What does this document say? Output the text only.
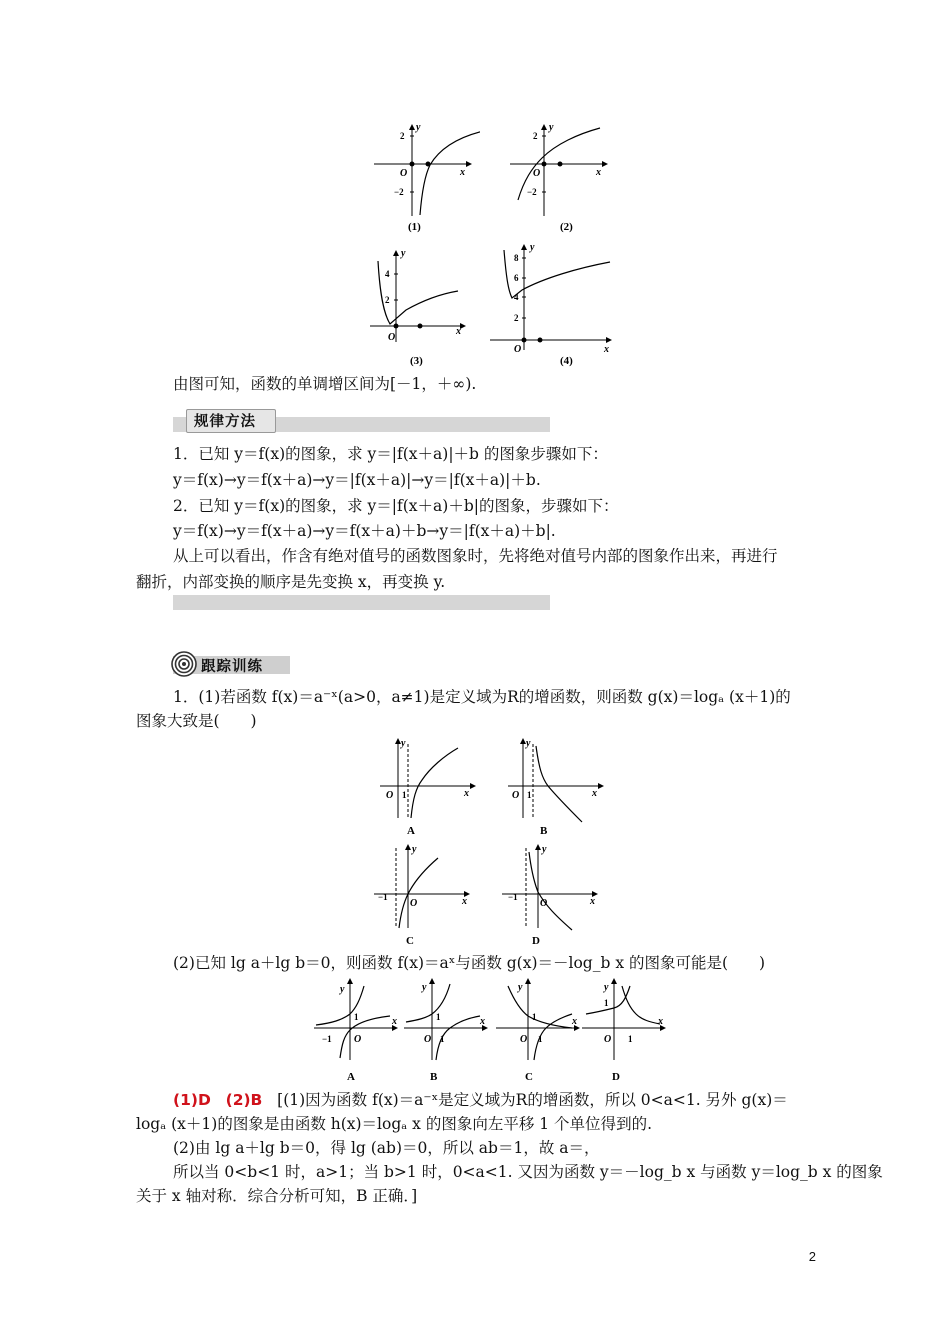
y
x
O
2
−2
(1)
y
x
O
2
−2
(2)
y
x
O
4
2
(3)
y
x
O
8
6
4
2
(4)
由图可知，函数的单调增区间为[－1，＋∞).
规律方法
1．已知 y＝f(x)的图象，求 y＝|f(x＋a)|＋b 的图象步骤如下：
y＝f(x)→y＝f(x＋a)→y＝|f(x＋a)|→y＝|f(x＋a)|＋b.
2．已知 y＝f(x)的图象，求 y＝|f(x＋a)＋b|的图象，步骤如下：
y＝f(x)→y＝f(x＋a)→y＝f(x＋a)＋b→y＝|f(x＋a)＋b|.
从上可以看出，作含有绝对值号的函数图象时，先将绝对值号内部的图象作出来，再进行
翻折，内部变换的顺序是先变换 x，再变换 y.
跟踪训练
1．(1)若函数 f(x)＝a⁻ˣ(a>0，a≠1)是定义域为R的增函数，则函数 g(x)＝logₐ (x＋1)的
图象大致是(　　)
y
x
O 1
A
y
x
O 1
B
y
x
−1
O
C
y
x
−1
O
D
(2)已知 lg a＋lg b＝0，则函数 f(x)＝aˣ与函数 g(x)＝－log_b x 的图象可能是(　　)
y
x
1
−1 O
A
y
x
1
O 1
B
y
x
1
O 1
C
y
x
1
O 1
D
(1)D (2)B [(1)因为函数 f(x)＝a⁻ˣ是定义域为R的增函数，所以 0<a<1. 另外 g(x)＝
logₐ (x＋1)的图象是由函数 h(x)＝logₐ x 的图象向左平移 1 个单位得到的.
(2)由 lg a＋lg b＝0，得 lg (ab)＝0，所以 ab＝1，故 a＝，
所以当 0<b<1 时，a>1；当 b>1 时，0<a<1. 又因为函数 y＝－log_b x 与函数 y＝log_b x 的图象
关于 x 轴对称．综合分析可知，B 正确．]
2
